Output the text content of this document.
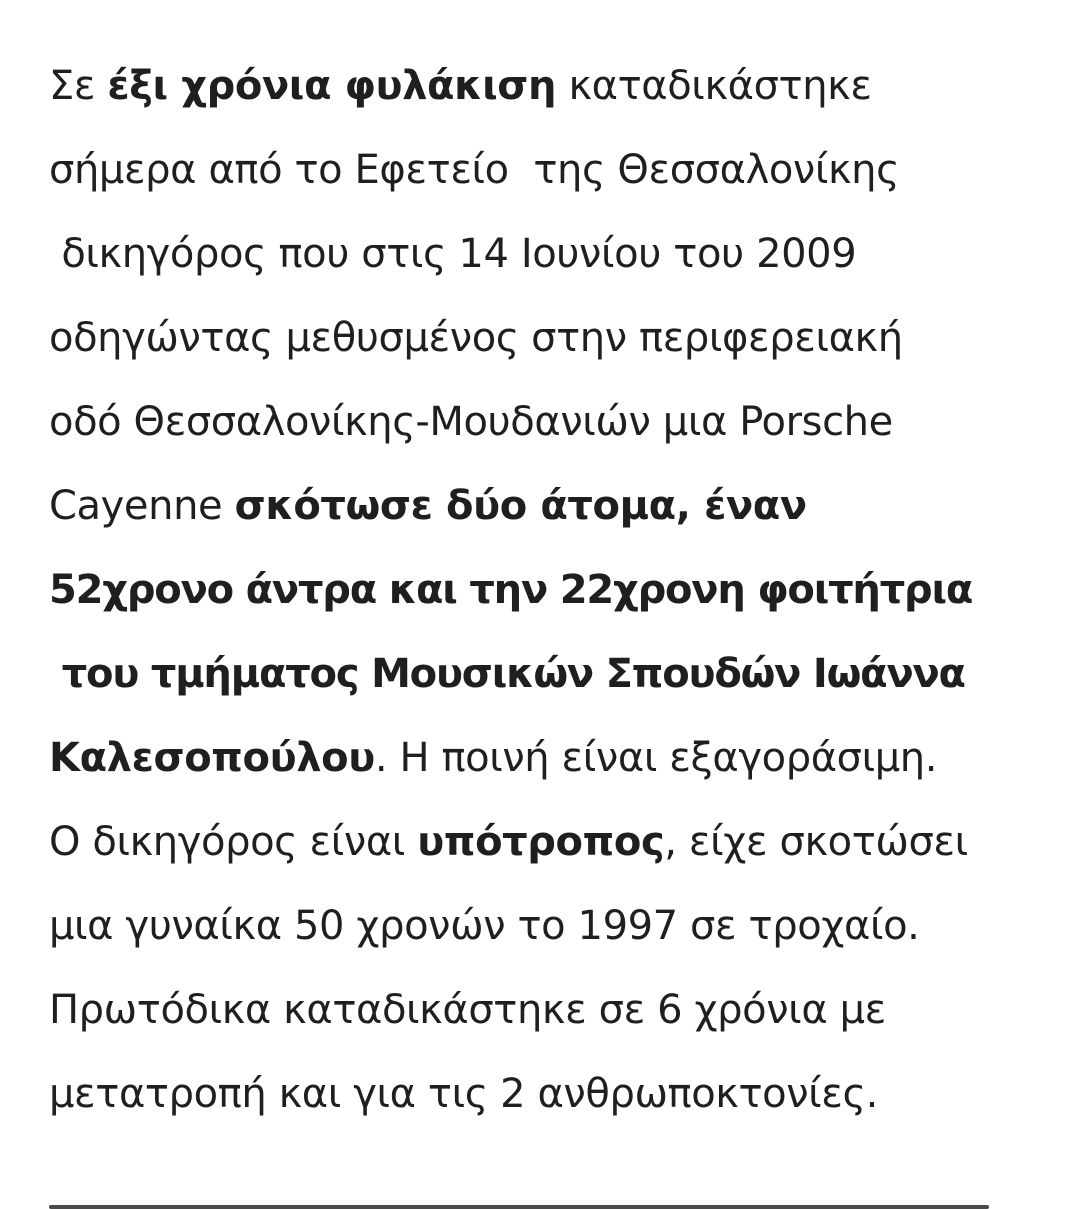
Σε έξι χρόνια φυλάκιση καταδικάστηκε
σήμερα από το Εφετείο  της Θεσσαλονίκης
δικηγόρος που στις 14 Ιουνίου του 2009
οδηγώντας μεθυσμένος στην περιφερειακή
οδό Θεσσαλονίκης-Μουδανιών μια Porsche
Cayenne σκότωσε δύο άτομα, έναν
52χρονο άντρα και την 22χρονη φοιτήτρια
του τμήματος Μουσικών Σπουδών Ιωάννα
Καλεσοπούλου. Η ποινή είναι εξαγοράσιμη.
Ο δικηγόρος είναι υπότροπος, είχε σκοτώσει
μια γυναίκα 50 χρονών το 1997 σε τροχαίο.
Πρωτόδικα καταδικάστηκε σε 6 χρόνια με
μετατροπή και για τις 2 ανθρωποκτονίες.
